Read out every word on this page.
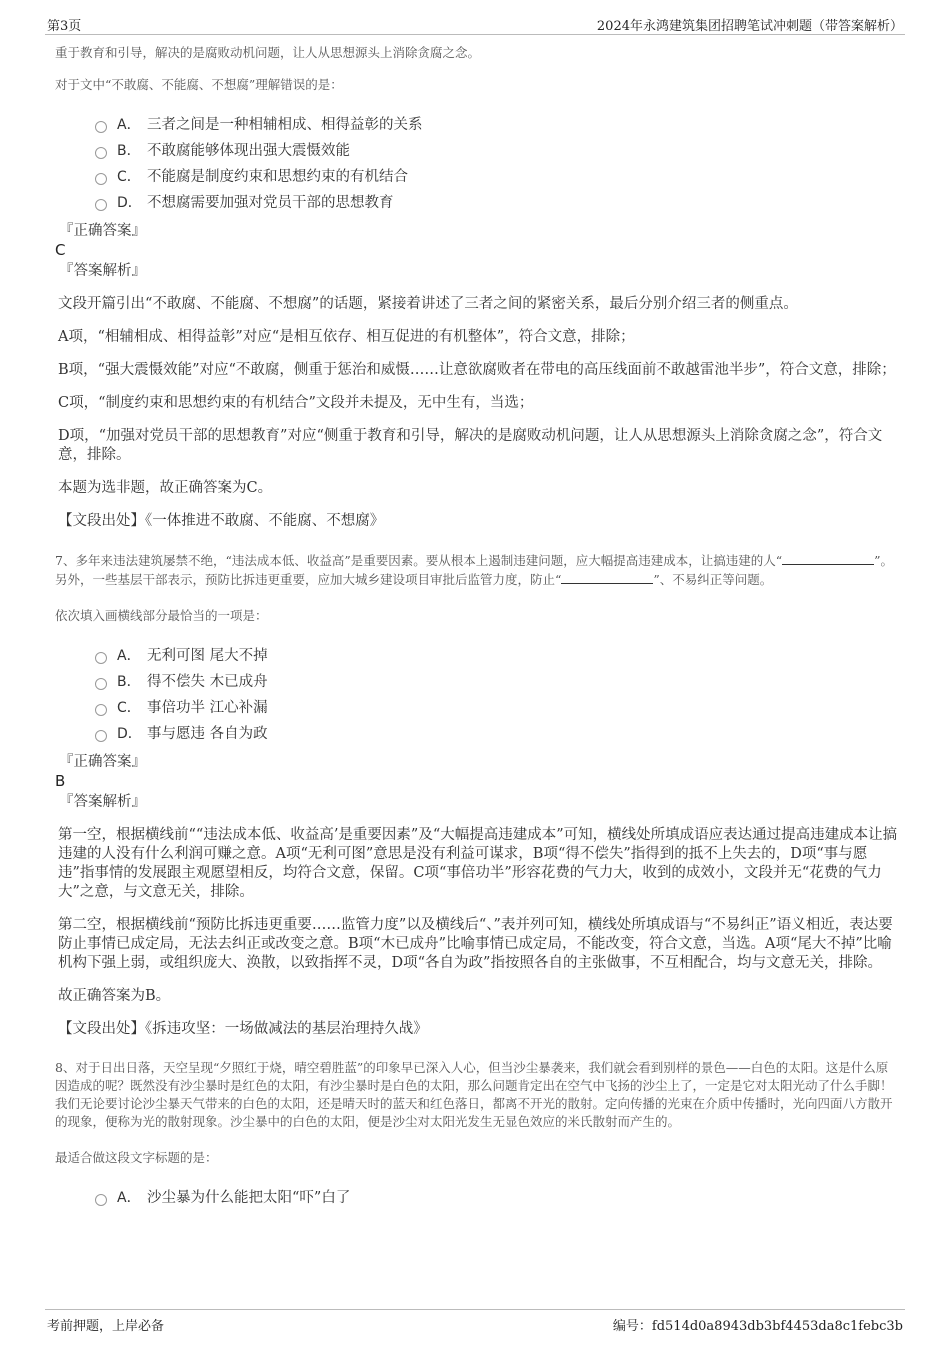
第3页	2024年永鸿建筑集团招聘笔试冲刺题（带答案解析）

重于教育和引导，解决的是腐败动机问题，让人从思想源头上消除贪腐之念。

对于文中“不敢腐、不能腐、不想腐”理解错误的是：

A． 三者之间是一种相辅相成、相得益彰的关系
B． 不敢腐能够体现出强大震慑效能
C． 不能腐是制度约束和思想约束的有机结合
D． 不想腐需要加强对党员干部的思想教育
『正确答案』
C
『答案解析』

文段开篇引出“不敢腐、不能腐、不想腐”的话题，紧接着讲述了三者之间的紧密关系，最后分别介绍三者的侧重点。

A项，“相辅相成、相得益彰”对应“是相互依存、相互促进的有机整体”，符合文意，排除；

B项，“强大震慑效能”对应“不敢腐，侧重于惩治和威慑……让意欲腐败者在带电的高压线面前不敢越雷池半步”，符合文意，排除；

C项，“制度约束和思想约束的有机结合”文段并未提及，无中生有，当选；

D项，“加强对党员干部的思想教育”对应“侧重于教育和引导，解决的是腐败动机问题，让人从思想源头上消除贪腐之念”，符合文意，排除。

本题为选非题，故正确答案为C。

【文段出处】《一体推进不敢腐、不能腐、不想腐》

7、多年来违法建筑屡禁不绝，“违法成本低、收益高”是重要因素。要从根本上遏制违建问题，应大幅提高违建成本，让搞违建的人“	”。另外，一些基层干部表示，预防比拆违更重要，应加大城乡建设项目审批后监管力度，防止“	”、不易纠正等问题。

依次填入画横线部分最恰当的一项是：

A． 无利可图 尾大不掉
B． 得不偿失 木已成舟
C． 事倍功半 江心补漏
D． 事与愿违 各自为政
『正确答案』
B
『答案解析』

第一空，根据横线前““违法成本低、收益高’是重要因素”及“大幅提高违建成本”可知，横线处所填成语应表达通过提高违建成本让搞违建的人没有什么利润可赚之意。A项“无利可图”意思是没有利益可谋求，B项“得不偿失”指得到的抵不上失去的，D项“事与愿违”指事情的发展跟主观愿望相反，均符合文意，保留。C项“事倍功半”形容花费的气力大，收到的成效小，文段并无“花费的气力大”之意，与文意无关，排除。

第二空，根据横线前“预防比拆违更重要……监管力度”以及横线后“、”表并列可知，横线处所填成语与“不易纠正”语义相近，表达要防止事情已成定局，无法去纠正或改变之意。B项“木已成舟”比喻事情已成定局，不能改变，符合文意，当选。A项“尾大不掉”比喻机构下强上弱，或组织庞大、涣散，以致指挥不灵，D项“各自为政”指按照各自的主张做事，不互相配合，均与文意无关，排除。

故正确答案为B。

【文段出处】《拆违攻坚：一场做减法的基层治理持久战》

8、对于日出日落，天空呈现“夕照红于烧，晴空碧胜蓝”的印象早已深入人心，但当沙尘暴袭来，我们就会看到别样的景色——白色的太阳。这是什么原因造成的呢？既然没有沙尘暴时是红色的太阳，有沙尘暴时是白色的太阳，那么问题肯定出在空气中飞扬的沙尘上了，一定是它对太阳光动了什么手脚！我们无论要讨论沙尘暴天气带来的白色的太阳，还是晴天时的蓝天和红色落日，都离不开光的散射。定向传播的光束在介质中传播时，光向四面八方散开的现象，便称为光的散射现象。沙尘暴中的白色的太阳，便是沙尘对太阳光发生无显色效应的米氏散射而产生的。

最适合做这段文字标题的是：

A． 沙尘暴为什么能把太阳“吓”白了
考前押题，上岸必备	编号：fd514d0a8943db3bf4453da8c1febc3b
